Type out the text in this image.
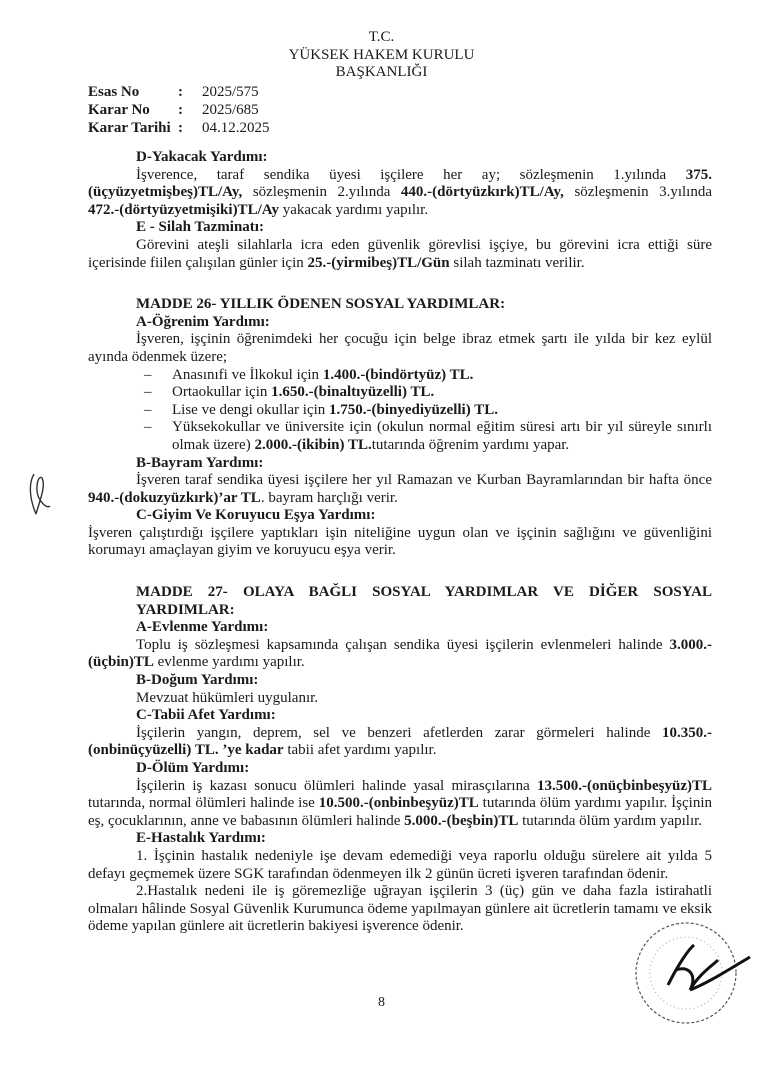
T.C.
YÜKSEK HAKEM KURULU
BAŞKANLIĞI
Esas No	:	2025/575
Karar No	:	2025/685
Karar Tarihi :	04.12.2025
D-Yakacak Yardımı:

İşverence, taraf sendika üyesi işçilere her ay; sözleşmenin 1.yılında 375.(üçyüzyetmişbeş)TL/Ay, sözleşmenin 2.yılında 440.-(dörtyüzkırk)TL/Ay, sözleşmenin 3.yılında 472.-(dörtyüzyetmişiki)TL/Ay yakacak yardımı yapılır.

E - Silah Tazminatı:

Görevini ateşli silahlarla icra eden güvenlik görevlisi işçiye, bu görevini icra ettiği süre içerisinde fiilen çalışılan günler için 25.-(yirmibeş)TL/Gün silah tazminatı verilir.

MADDE 26- YILLIK ÖDENEN SOSYAL YARDIMLAR:
A-Öğrenim Yardımı:

İşveren, işçinin öğrenimdeki her çocuğu için belge ibraz etmek şartı ile yılda bir kez eylül ayında ödenmek üzere;

– Anasınıfi ve İlkokul için 1.400.-(bindörtyüz) TL.
– Ortaokullar için 1.650.-(binaltıyüzelli) TL.
– Lise ve dengi okullar için 1.750.-(binyediyüzelli) TL.
– Yüksekokullar ve üniversite için (okulun normal eğitim süresi artı bir yıl süreyle sınırlı olmak üzere) 2.000.-(ikibin) TL.tutarında öğrenim yardımı yapar.
B-Bayram Yardımı:

İşveren taraf sendika üyesi işçilere her yıl Ramazan ve Kurban Bayramlarından bir hafta önce 940.-(dokuzyüzkırk)’ar TL. bayram harçlığı verir.

C-Giyim Ve Koruyucu Eşya Yardımı:

İşveren çalıştırdığı işçilere yaptıkları işin niteliğine uygun olan ve işçinin sağlığını ve güvenliğini korumayı amaçlayan giyim ve koruyucu eşya verir.

MADDE 27- OLAYA BAĞLI SOSYAL YARDIMLAR VE DİĞER SOSYAL
YARDIMLAR:
A-Evlenme Yardımı:

Toplu iş sözleşmesi kapsamında çalışan sendika üyesi işçilerin evlenmeleri halinde 3.000.-(üçbin)TL evlenme yardımı yapılır.

B-Doğum Yardımı:

Mevzuat hükümleri uygulanır.

C-Tabii Afet Yardımı:

İşçilerin yangın, deprem, sel ve benzeri afetlerden zarar görmeleri halinde 10.350.-(onbinüçyüzelli) TL. ’ye kadar tabii afet yardımı yapılır.

D-Ölüm Yardımı:

İşçilerin iş kazası sonucu ölümleri halinde yasal mirasçılarına 13.500.-(onüçbinbeşyüz)TL tutarında, normal ölümleri halinde ise 10.500.-(onbinbeşyüz)TL tutarında ölüm yardımı yapılır. İşçinin eş, çocuklarının, anne ve babasının ölümleri halinde 5.000.-(beşbin)TL tutarında ölüm yardım yapılır.

E-Hastalık Yardımı:

1. İşçinin hastalık nedeniyle işe devam edemediği veya raporlu olduğu sürelere ait yılda 5 defayı geçmemek üzere SGK tarafından ödenmeyen ilk 2 günün ücreti işveren tarafından ödenir.

2.Hastalık nedeni ile iş göremezliğe uğrayan işçilerin 3 (üç) gün ve daha fazla istirahatli olmaları hâlinde Sosyal Güvenlik Kurumunca ödeme yapılmayan günlere ait ücretlerin tamamı ve eksik ödeme yapılan günlere ait ücretlerin bakiyesi işverence ödenir.

8
